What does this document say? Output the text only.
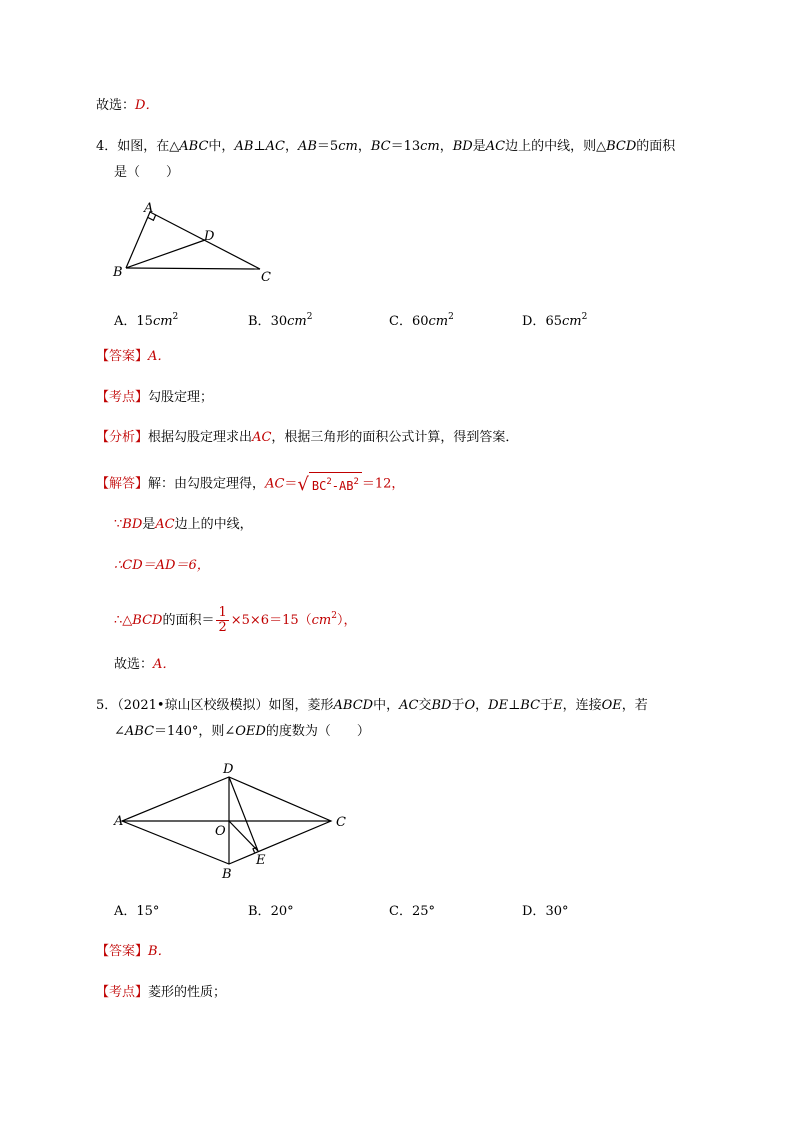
故选：D．
4．如图，在△ABC中，AB⊥AC，AB＝5cm，BC＝13cm，BD是AC边上的中线，则△BCD的面积
是（　　）
A
B	C
D
A．$15cm^2$	B．$30cm^2$	C．$60cm^2$	D．$65cm^2$
【答案】A．
【考点】勾股定理；
【分析】根据勾股定理求出AC，根据三角形的面积公式计算，得到答案．
【解答】解：由勾股定理得，AC＝√ $BC^2-AB^2 =12$，
∵BD是AC边上的中线，
∴CD＝AD＝6，
∴△BCD的面积＝ $\frac{1}{2} \times 5\times 6=15(cm^2)$，
故选：A．
5．（2021•琼山区校级模拟）如图，菱形ABCD中，AC交BD于O，DE⊥BC于E，连接OE，若
∠ABC＝140°，则∠OED的度数为（　　）
A
B
C
D
O
E
A．15°	B．20°	C．25°	D．30°
【答案】B．
【考点】菱形的性质；
